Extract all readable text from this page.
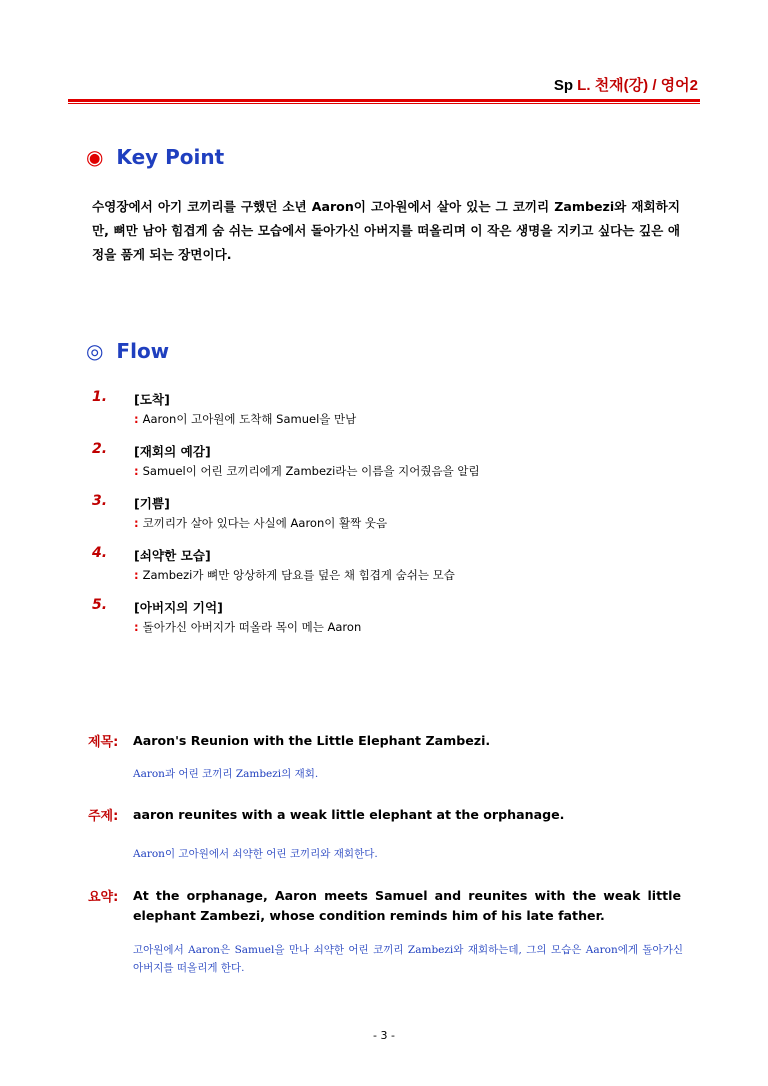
Sp L. 천재(강) / 영어2
◉ Key Point
수영장에서 아기 코끼리를 구했던 소년 Aaron이 고아원에서 살아 있는 그 코끼리 Zambezi와 재회하지만, 뼈만 남아 힘겹게 숨 쉬는 모습에서 돌아가신 아버지를 떠올리며 이 작은 생명을 지키고 싶다는 깊은 애정을 품게 되는 장면이다.
◎ Flow
1.	[도착]
: Aaron이 고아원에 도착해 Samuel을 만남
2.	[재회의 예감]
: Samuel이 어린 코끼리에게 Zambezi라는 이름을 지어줬음을 알림
3.	[기쁨]
: 코끼리가 살아 있다는 사실에 Aaron이 활짝 웃음
4.	[쇠약한 모습]
: Zambezi가 뼈만 앙상하게 담요를 덮은 채 힘겹게 숨쉬는 모습
5.	[아버지의 기억]
: 돌아가신 아버지가 떠올라 목이 메는 Aaron
제목: Aaron's Reunion with the Little Elephant Zambezi.
Aaron과 어린 코끼리 Zambezi의 재회.
주제: aaron reunites with a weak little elephant at the orphanage.
Aaron이 고아원에서 쇠약한 어린 코끼리와 재회한다.
요약: At the orphanage, Aaron meets Samuel and reunites with the weak little elephant Zambezi, whose condition reminds him of his late father.
고아원에서 Aaron은 Samuel을 만나 쇠약한 어린 코끼리 Zambezi와 재회하는데, 그의 모습은 Aaron에게 돌아가신 아버지를 떠올리게 한다.
- 3 -
